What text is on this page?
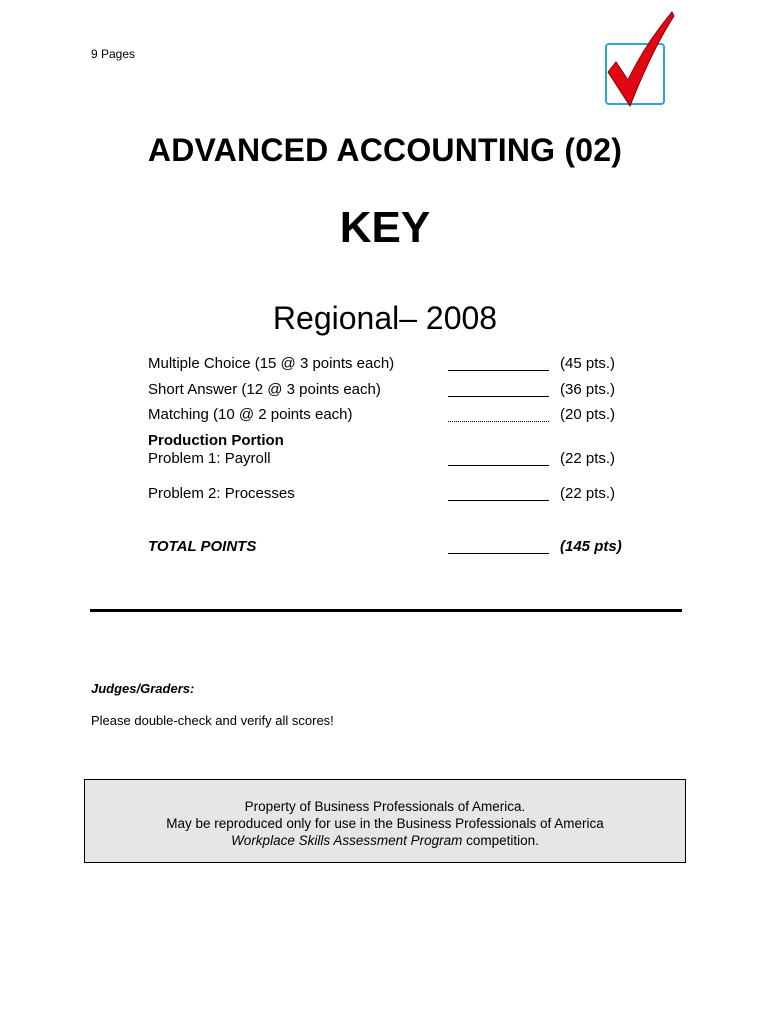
9 Pages
ADVANCED ACCOUNTING (02)
KEY
Regional– 2008
Multiple Choice (15 @ 3 points each)	(45 pts.)
Short Answer (12 @ 3 points each)	(36 pts.)
Matching (10 @ 2 points each)	(20 pts.)
Production Portion
Problem 1: Payroll	(22 pts.)
Problem 2: Processes	(22 pts.)
TOTAL POINTS	(145 pts)
Judges/Graders:
Please double-check and verify all scores!
Property of Business Professionals of America.
May be reproduced only for use in the Business Professionals of America
Workplace Skills Assessment Program competition.
